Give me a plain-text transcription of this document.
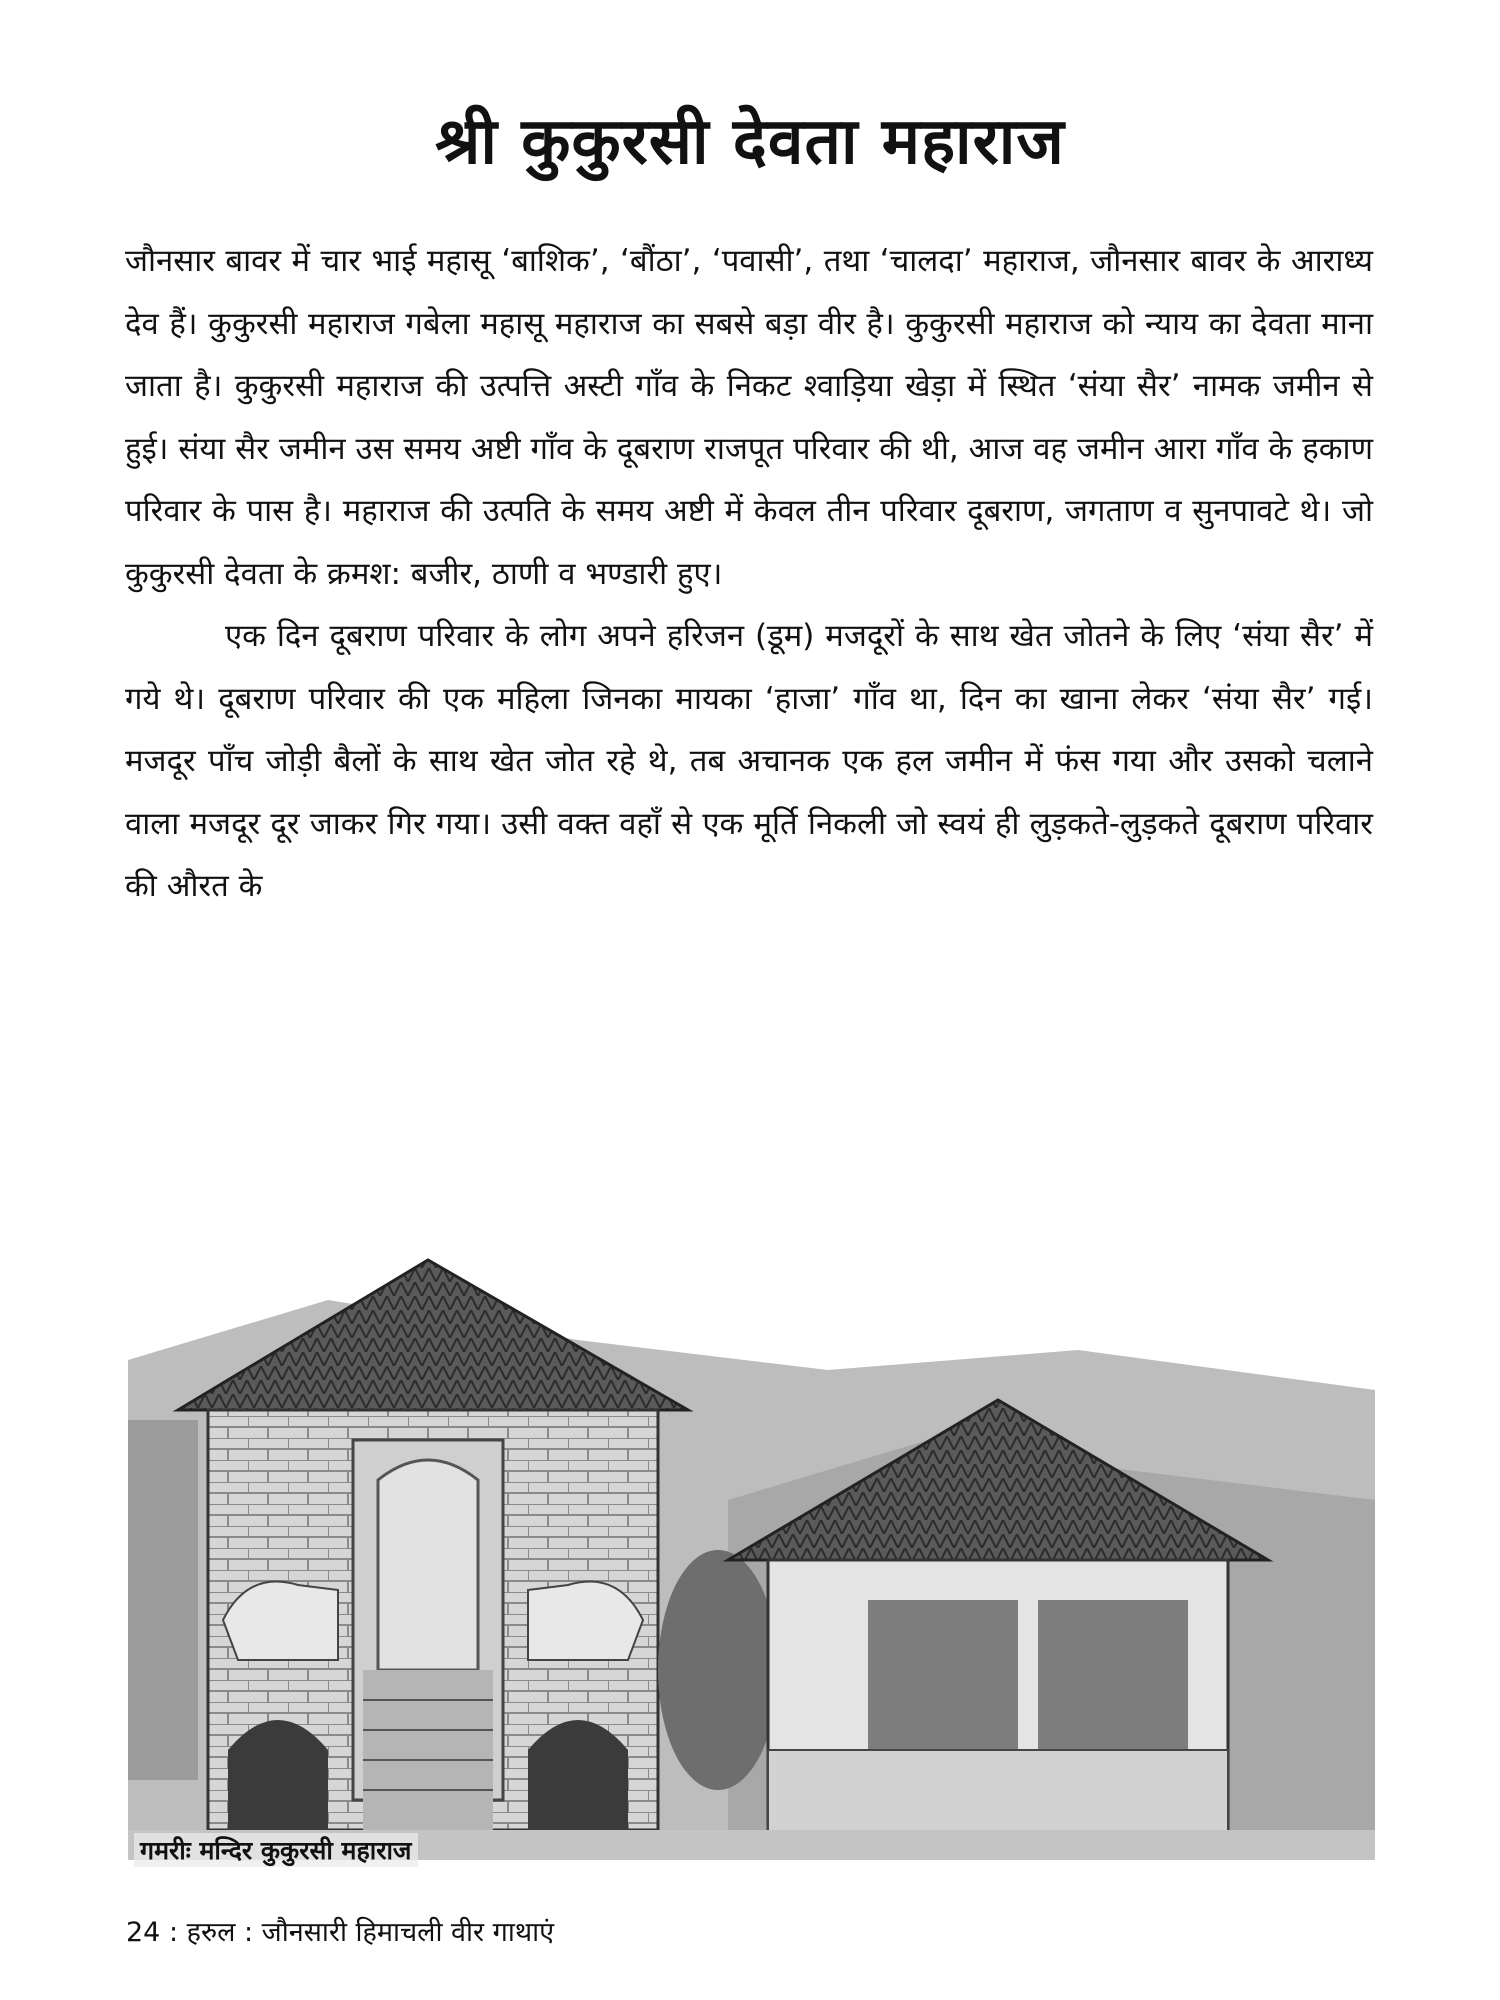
श्री कुकुरसी देवता महाराज

जौनसार बावर में चार भाई महासू ‘बाशिक’, ‘बौंठा’, ‘पवासी’, तथा ‘चालदा’ महाराज, जौनसार बावर के आराध्य देव हैं। कुकुरसी महाराज गबेला महासू महाराज का सबसे बड़ा वीर है। कुकुरसी महाराज को न्याय का देवता माना जाता है। कुकुरसी महाराज की उत्पत्ति अस्टी गाँव के निकट श्वाड़िया खेड़ा में स्थित ‘संया सैर’ नामक जमीन से हुई। संया सैर जमीन उस समय अष्टी गाँव के दूबराण राजपूत परिवार की थी, आज वह जमीन आरा गाँव के हकाण परिवार के पास है। महाराज की उत्पति के समय अष्टी में केवल तीन परिवार दूबराण, जगताण व सुनपावटे थे। जो कुकुरसी देवता के क्रमश: बजीर, ठाणी व भण्डारी हुए।

एक दिन दूबराण परिवार के लोग अपने हरिजन (डूम) मजदूरों के साथ खेत जोतने के लिए ‘संया सैर’ में गये थे। दूबराण परिवार की एक महिला जिनका मायका ‘हाजा’ गाँव था, दिन का खाना लेकर ‘संया सैर’ गई। मजदूर पाँच जोड़ी बैलों के साथ खेत जोत रहे थे, तब अचानक एक हल जमीन में फंस गया और उसको चलाने वाला मजदूर दूर जाकर गिर गया। उसी वक्त वहाँ से एक मूर्ति निकली जो स्वयं ही लुड़कते-लुड़कते दूबराण परिवार की औरत के

गमरीः मन्दिर कुकुरसी महाराज
24 : हरुल : जौनसारी हिमाचली वीर गाथाएं
